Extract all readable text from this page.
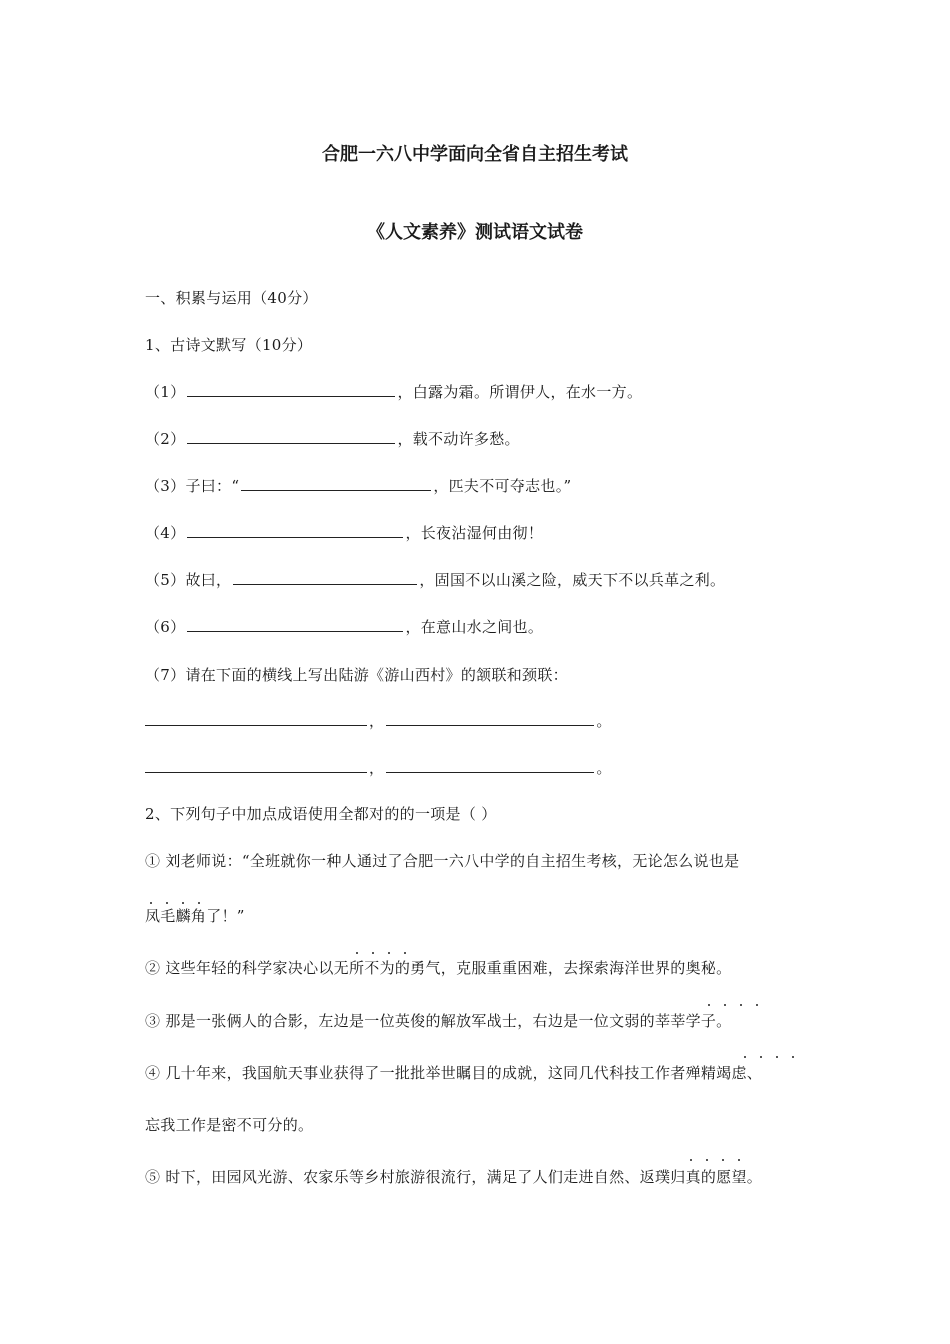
合肥一六八中学面向全省自主招生考试
《人文素养》测试语文试卷
一、积累与运用（40分）
1、古诗文默写（10分）
（1）	，白露为霜。所谓伊人，在水一方。
（2）	，载不动许多愁。
（3）子曰：“	，匹夫不可夺志也。”
（4）	，长夜沾湿何由彻！
（5）故曰，	，固国不以山溪之险，威天下不以兵革之利。
（6）	，在意山水之间也。
（7）请在下面的横线上写出陆游《游山西村》的颔联和颈联：
，	。
，	。
2、下列句子中加点成语使用全都对的的一项是（ ）
① 刘老师说：“全班就你一种人通过了合肥一六八中学的自主招生考核，无论怎么说也是
凤毛麟角了！”
② 这些年轻的科学家决心以无所不为的勇气，克服重重困难，去探索海洋世界的奥秘。
③ 那是一张俩人的合影，左边是一位英俊的解放军战士，右边是一位文弱的莘莘学子。
④ 几十年来，我国航天事业获得了一批批举世瞩目的成就，这同几代科技工作者殚精竭虑、
忘我工作是密不可分的。
⑤ 时下，田园风光游、农家乐等乡村旅游很流行，满足了人们走进自然、返璞归真的愿望。
